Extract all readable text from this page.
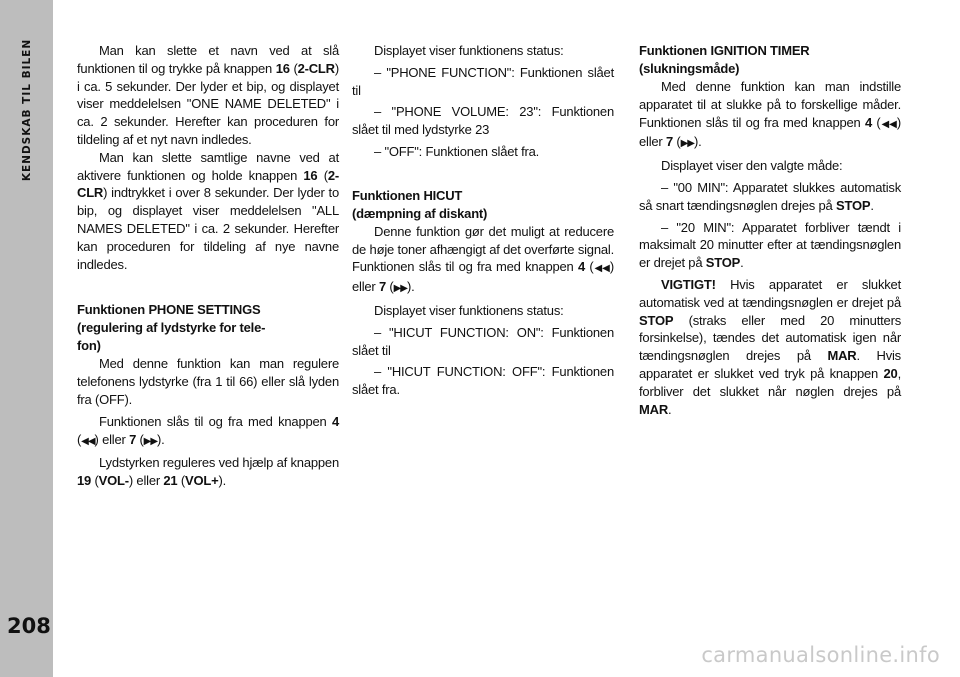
KENDSKAB TIL BILEN
208

Man kan slette et navn ved at slå funktionen til og trykke på knappen 16 (2-CLR) i ca. 5 sekunder. Der lyder et bip, og displayet viser meddelelsen "ONE NAME DELETED" i ca. 2 sekunder. Herefter kan proceduren for tildeling af et nyt navn indledes.

Man kan slette samtlige navne ved at aktivere funktionen og holde knappen 16 (2-CLR) indtrykket i over 8 sekunder. Der lyder to bip, og displayet viser meddelelsen "ALL NAMES DELETED" i ca. 2 sekunder. Herefter kan proceduren for tildeling af nye navne indledes.

Funktionen PHONE SETTINGS
(regulering af lydstyrke for tele-
fon)

Med denne funktion kan man regulere telefonens lydstyrke (fra 1 til 66) eller slå lyden fra (OFF).

Funktionen slås til og fra med knappen 4 (◀◀) eller 7 (▶▶).

Lydstyrken reguleres ved hjælp af knappen 19 (VOL-) eller 21 (VOL+).

Displayet viser funktionens status:

– "PHONE FUNCTION": Funktionen slået til

– "PHONE VOLUME: 23": Funktionen slået til med lydstyrke 23

– "OFF": Funktionen slået fra.

Funktionen HICUT
(dæmpning af diskant)

Denne funktion gør det muligt at reducere de høje toner afhængigt af det overførte signal. Funktionen slås til og fra med knappen 4 (◀◀) eller 7 (▶▶).

Displayet viser funktionens status:

– "HICUT FUNCTION: ON": Funktionen slået til

– "HICUT FUNCTION: OFF": Funktionen slået fra.

Funktionen IGNITION TIMER
(slukningsmåde)

Med denne funktion kan man indstille apparatet til at slukke på to forskellige måder. Funktionen slås til og fra med knappen 4 (◀◀) eller 7 (▶▶).

Displayet viser den valgte måde:

– "00 MIN": Apparatet slukkes automatisk så snart tændingsnøglen drejes på STOP.

– "20 MIN": Apparatet forbliver tændt i maksimalt 20 minutter efter at tændingsnøglen er drejet på STOP.

VIGTIGT! Hvis apparatet er slukket automatisk ved at tændingsnøglen er drejet på STOP (straks eller med 20 minutters forsinkelse), tændes det automatisk igen når tændingsnøglen drejes på MAR. Hvis apparatet er slukket ved tryk på knappen 20, forbliver det slukket når nøglen drejes på MAR.

carmanualsonline.info
